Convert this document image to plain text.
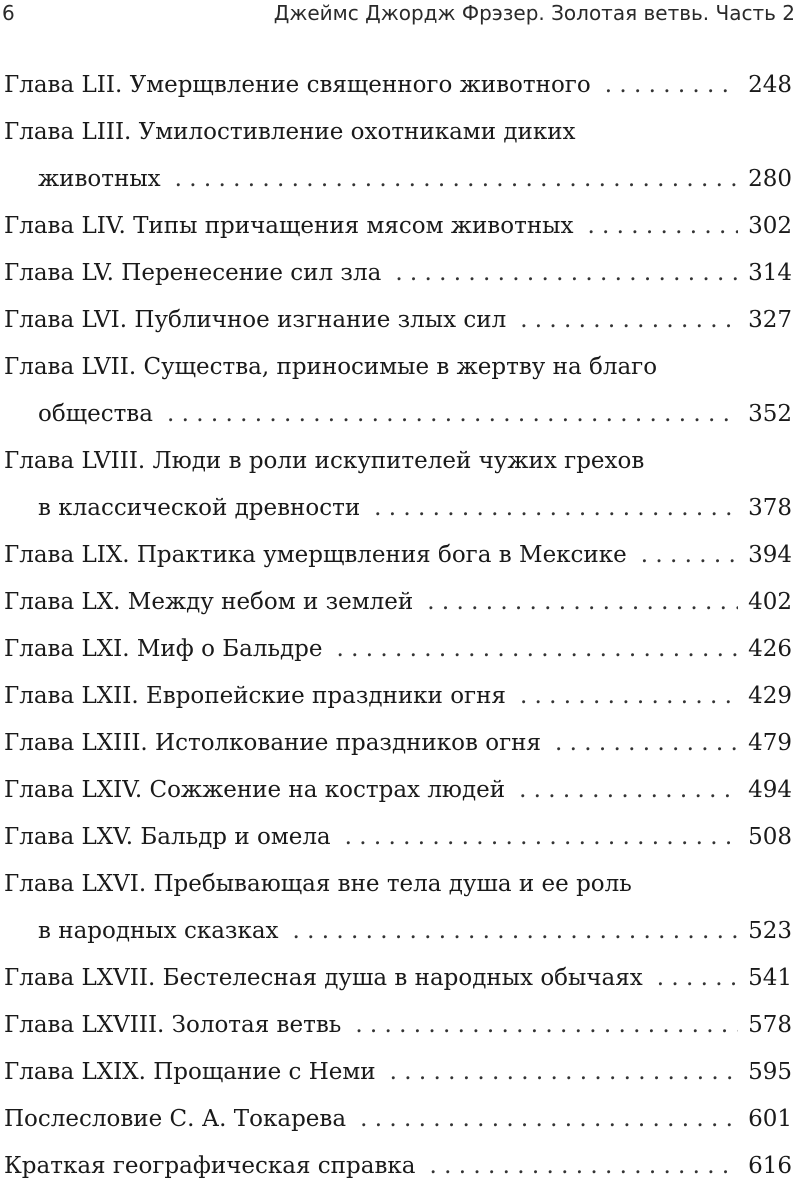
6	Джеймс Джордж Фрэзер. Золотая ветвь. Часть 2
Глава LII. Умерщвление священного животного . . .	248
Глава LIII. Умилостивление охотниками диких
животных . . .	280
Глава LIV. Типы причащения мясом животных . . .	302
Глава LV. Перенесение сил зла . . .	314
Глава LVI. Публичное изгнание злых сил . . .	327
Глава LVII. Существа, приносимые в жертву на благо
общества . . .	352
Глава LVIII. Люди в роли искупителей чужих грехов
в классической древности . . .	378
Глава LIX. Практика умерщвления бога в Мексике . . .	394
Глава LX. Между небом и землей . . .	402
Глава LXI. Миф о Бальдре . . .	426
Глава LXII. Европейские праздники огня . . .	429
Глава LXIII. Истолкование праздников огня . . .	479
Глава LXIV. Сожжение на кострах людей . . .	494
Глава LXV. Бальдр и омела . . .	508
Глава LXVI. Пребывающая вне тела душа и ее роль
в народных сказках . . .	523
Глава LXVII. Бестелесная душа в народных обычаях . . .	541
Глава LXVIII. Золотая ветвь . . .	578
Глава LXIX. Прощание с Неми . . .	595
Послесловие С. А. Токарева . . .	601
Краткая географическая справка . . .	616
